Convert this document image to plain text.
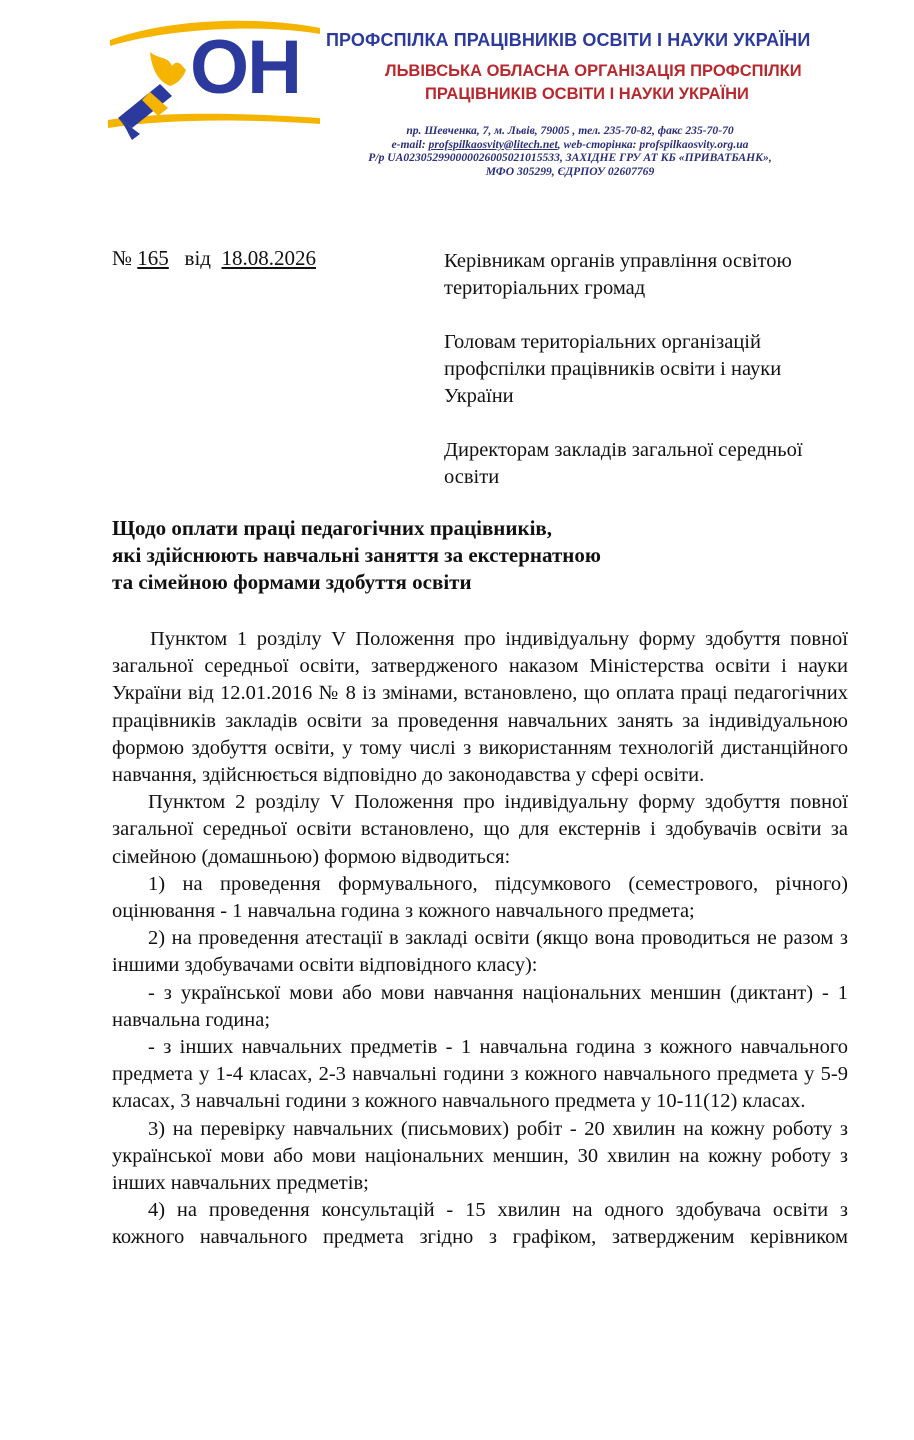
ОН ПРОФСПІЛКА ПРАЦІВНИКІВ ОСВІТИ І НАУКИ УКРАЇНИ
ЛЬВІВСЬКА ОБЛАСНА ОРГАНІЗАЦІЯ ПРОФСПІЛКИ
ПРАЦІВНИКІВ ОСВІТИ І НАУКИ УКРАЇНИ
пр. Шевченка, 7, м. Львів, 79005 , тел. 235-70-82, факс 235-70-70
e-mail: profspilkaosvity@litech.net, web-сторінка: profspilkaosvity.org.ua
Р/р UA023052990000026005021015533, ЗАХІДНЕ ГРУ АТ КБ «ПРИВАТБАНК»,
МФО 305299, ЄДРПОУ 02607769
№ 165 від 18.08.2026	Керівникам органів управління освітою територіальних громад

Головам територіальних організацій профспілки працівників освіти і науки України

Директорам закладів загальної середньої освіти

Щодо оплати праці педагогічних працівників,
які здійснюють навчальні заняття за екстернатною
та сімейною формами здобуття освіти

Пунктом 1 розділу V Положення про індивідуальну форму здобуття повної загальної середньої освіти, затвердженого наказом Міністерства освіти і науки України від 12.01.2016 № 8 із змінами, встановлено, що оплата праці педагогічних працівників закладів освіти за проведення навчальних занять за індивідуальною формою здобуття освіти, у тому числі з використанням технологій дистанційного навчання, здійснюється відповідно до законодавства у сфері освіти.

Пунктом 2 розділу V Положення про індивідуальну форму здобуття повної загальної середньої освіти встановлено, що для екстернів і здобувачів освіти за сімейною (домашньою) формою відводиться:

1) на проведення формувального, підсумкового (семестрового, річного) оцінювання - 1 навчальна година з кожного навчального предмета;

2) на проведення атестації в закладі освіти (якщо вона проводиться не разом з іншими здобувачами освіти відповідного класу):

- з української мови або мови навчання національних меншин (диктант) - 1 навчальна година;

- з інших навчальних предметів - 1 навчальна година з кожного навчального предмета у 1-4 класах, 2-3 навчальні години з кожного навчального предмета у 5-9 класах, 3 навчальні години з кожного навчального предмета у 10-11(12) класах.

3) на перевірку навчальних (письмових) робіт - 20 хвилин на кожну роботу з української мови або мови національних меншин, 30 хвилин на кожну роботу з інших навчальних предметів;

4) на проведення консультацій - 15 хвилин на одного здобувача освіти з кожного навчального предмета згідно з графіком, затвердженим керівником
